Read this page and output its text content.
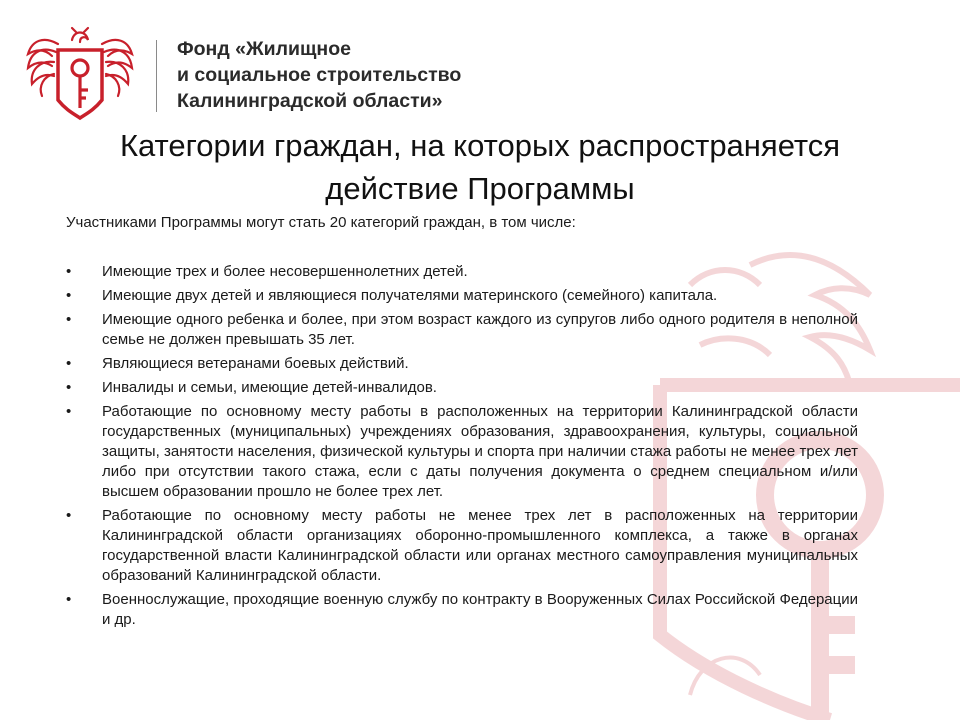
Фонд «Жилищное
и социальное строительство
Калининградской области»
Категории граждан, на которых распространяется
действие Программы
Участниками Программы могут стать 20 категорий граждан, в том числе:
•	Имеющие трех и более несовершеннолетних детей.
•	Имеющие двух детей и являющиеся получателями материнского (семейного) капитала.
•	Имеющие одного ребенка и более, при этом возраст каждого из супругов либо одного родителя в неполной семье не должен превышать 35 лет.
•	Являющиеся ветеранами боевых действий.
•	Инвалиды и семьи, имеющие детей-инвалидов.
•	Работающие по основному месту работы в расположенных на территории Калининградской области государственных (муниципальных) учреждениях образования, здравоохранения, культуры, социальной защиты, занятости населения, физической культуры и спорта при наличии стажа работы не менее трех лет либо при отсутствии такого стажа, если с даты получения документа о среднем специальном и/или высшем образовании прошло не более трех лет.
•	Работающие по основному месту работы не менее трех лет в расположенных на территории Калининградской области организациях оборонно-промышленного комплекса, а также в органах государственной власти Калининградской области или органах местного самоуправления муниципальных образований Калининградской области.
•	Военнослужащие, проходящие военную службу по контракту в Вооруженных Силах Российской Федерации и др.
